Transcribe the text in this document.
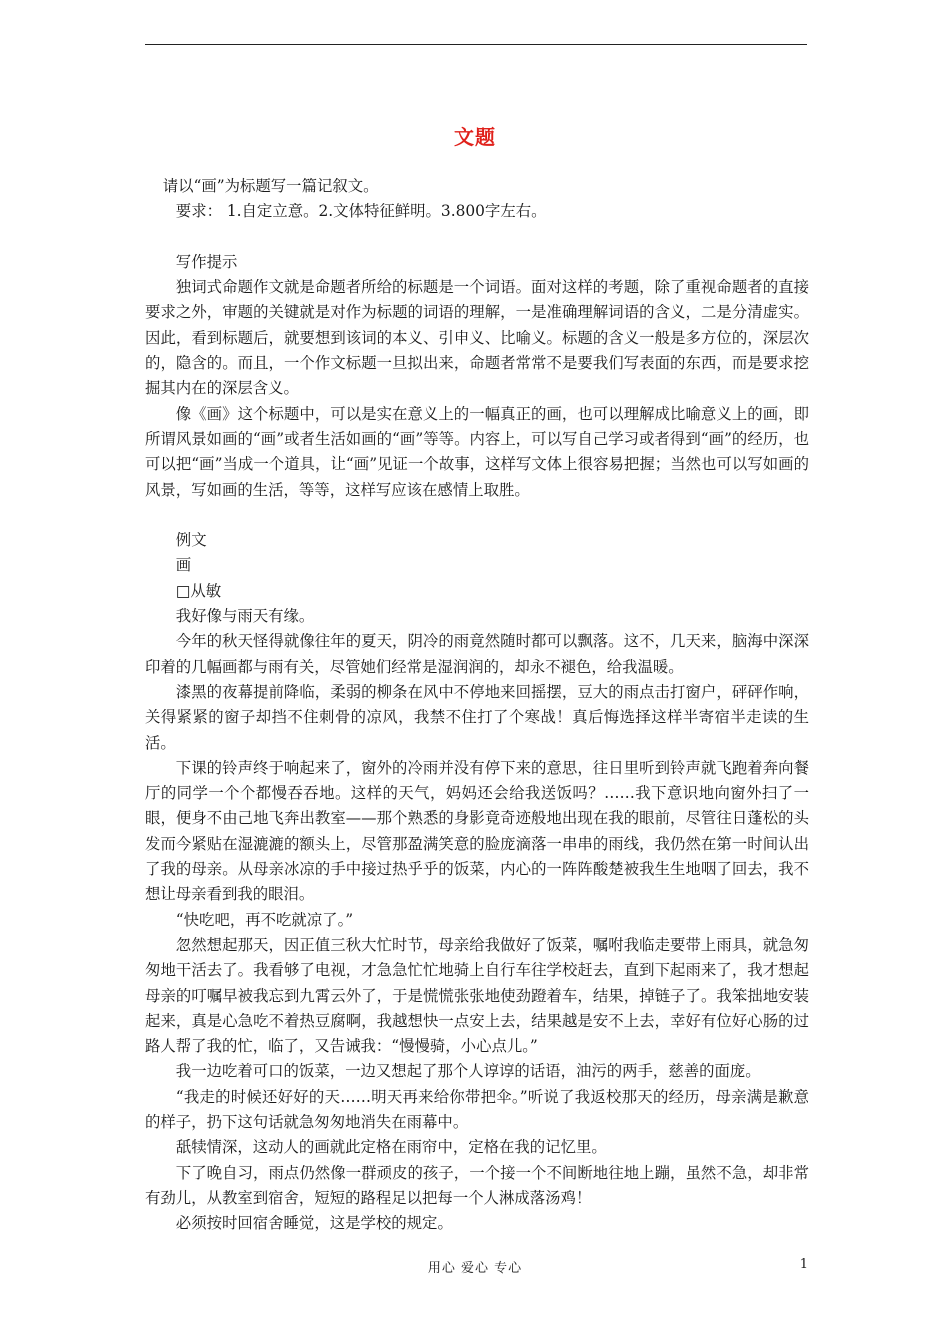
文题

请以“画”为标题写一篇记叙文。

要求： 1.自定立意。2.文体特征鲜明。3.800字左右。

写作提示

独词式命题作文就是命题者所给的标题是一个词语。面对这样的考题，除了重视命题者的直接要求之外，审题的关键就是对作为标题的词语的理解，一是准确理解词语的含义，二是分清虚实。因此，看到标题后，就要想到该词的本义、引申义、比喻义。标题的含义一般是多方位的，深层次的，隐含的。而且，一个作文标题一旦拟出来，命题者常常不是要我们写表面的东西，而是要求挖掘其内在的深层含义。

像《画》这个标题中，可以是实在意义上的一幅真正的画，也可以理解成比喻意义上的画，即所谓风景如画的“画”或者生活如画的“画”等等。内容上，可以写自己学习或者得到“画”的经历，也可以把“画”当成一个道具，让“画”见证一个故事，这样写文体上很容易把握；当然也可以写如画的风景，写如画的生活，等等，这样写应该在感情上取胜。

例文

画

□从敏

我好像与雨天有缘。

今年的秋天怪得就像往年的夏天，阴冷的雨竟然随时都可以飘落。这不，几天来，脑海中深深印着的几幅画都与雨有关，尽管她们经常是湿润润的，却永不褪色，给我温暖。

漆黑的夜幕提前降临，柔弱的柳条在风中不停地来回摇摆，豆大的雨点击打窗户，砰砰作响，关得紧紧的窗子却挡不住刺骨的凉风，我禁不住打了个寒战！真后悔选择这样半寄宿半走读的生活。

下课的铃声终于响起来了，窗外的冷雨并没有停下来的意思，往日里听到铃声就飞跑着奔向餐厅的同学一个个都慢吞吞地。这样的天气，妈妈还会给我送饭吗？……我下意识地向窗外扫了一眼，便身不由己地飞奔出教室——那个熟悉的身影竟奇迹般地出现在我的眼前，尽管往日蓬松的头发而今紧贴在湿漉漉的额头上，尽管那盈满笑意的脸庞滴落一串串的雨线，我仍然在第一时间认出了我的母亲。从母亲冰凉的手中接过热乎乎的饭菜，内心的一阵阵酸楚被我生生地咽了回去，我不想让母亲看到我的眼泪。

“快吃吧，再不吃就凉了。”

忽然想起那天，因正值三秋大忙时节，母亲给我做好了饭菜，嘱咐我临走要带上雨具，就急匆匆地干活去了。我看够了电视，才急急忙忙地骑上自行车往学校赶去，直到下起雨来了，我才想起母亲的叮嘱早被我忘到九霄云外了，于是慌慌张张地使劲蹬着车，结果，掉链子了。我笨拙地安装起来，真是心急吃不着热豆腐啊，我越想快一点安上去，结果越是安不上去，幸好有位好心肠的过路人帮了我的忙，临了，又告诫我：“慢慢骑，小心点儿。”

我一边吃着可口的饭菜，一边又想起了那个人谆谆的话语，油污的两手，慈善的面庞。

“我走的时候还好好的天……明天再来给你带把伞。”听说了我返校那天的经历，母亲满是歉意的样子，扔下这句话就急匆匆地消失在雨幕中。

舐犊情深，这动人的画就此定格在雨帘中，定格在我的记忆里。

下了晚自习，雨点仍然像一群顽皮的孩子，一个接一个不间断地往地上蹦，虽然不急，却非常有劲儿，从教室到宿舍，短短的路程足以把每一个人淋成落汤鸡！

必须按时回宿舍睡觉，这是学校的规定。

用心 爱心 专心	1
